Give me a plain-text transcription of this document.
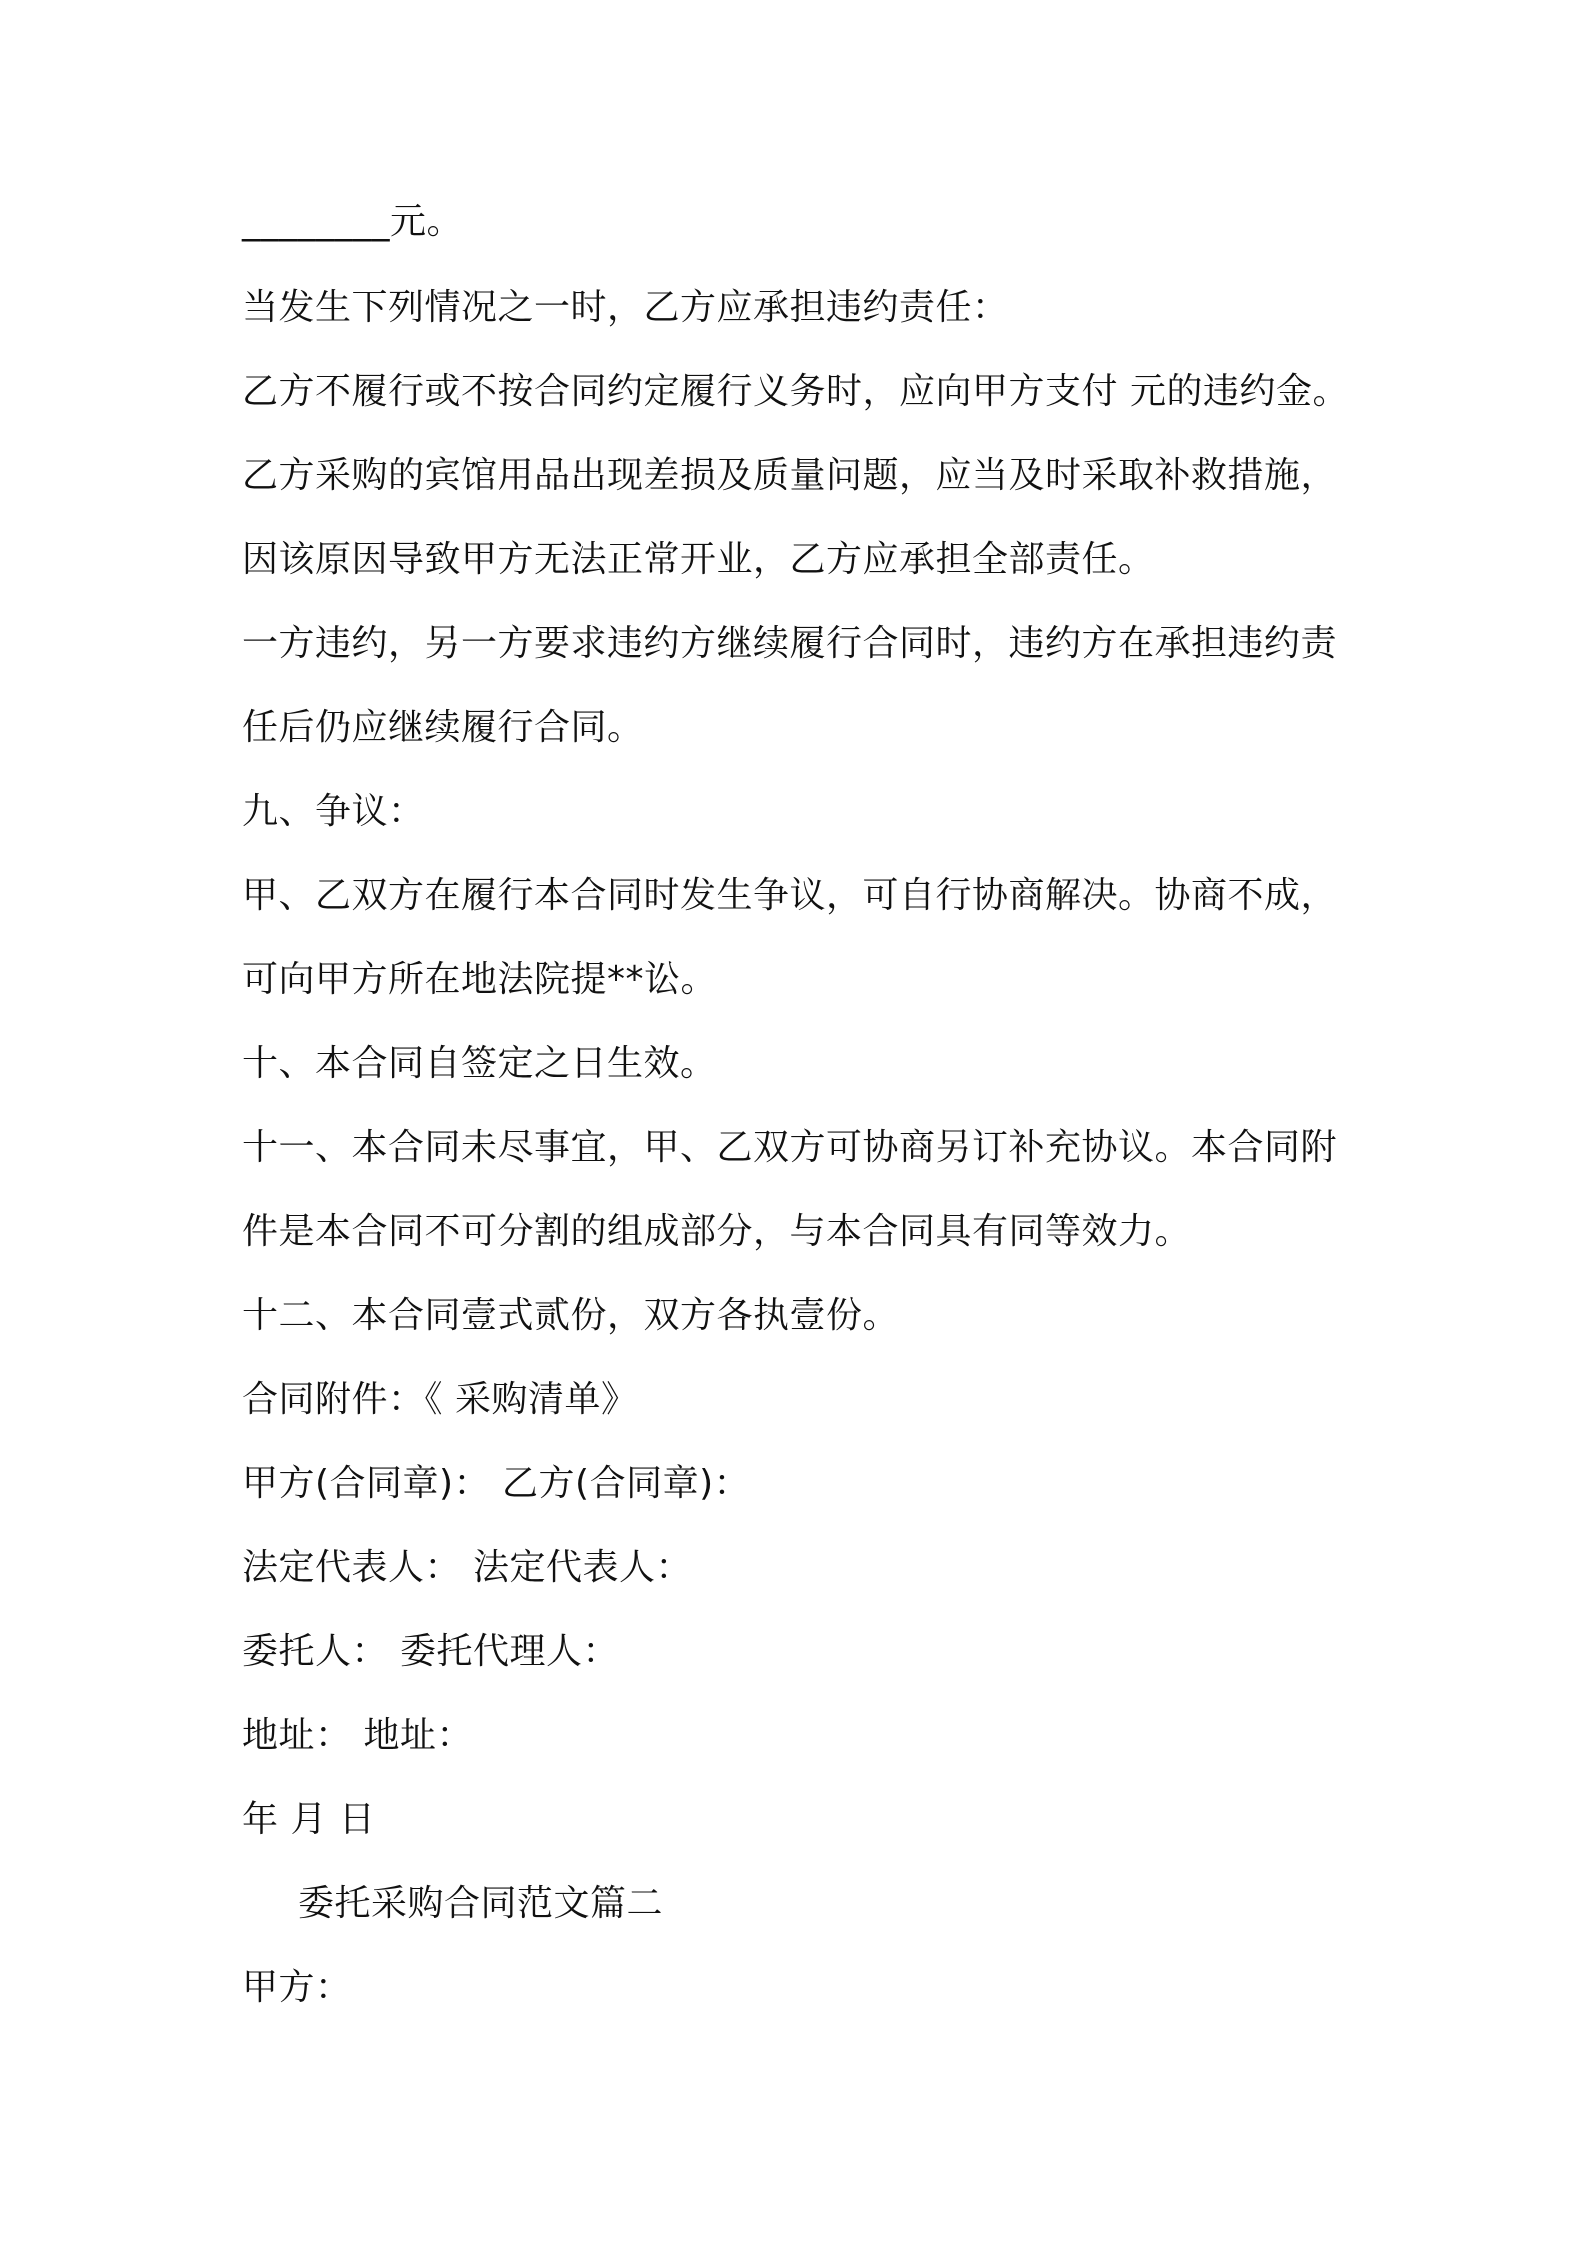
________元。
当发生下列情况之一时，乙方应承担违约责任：
乙方不履行或不按合同约定履行义务时，应向甲方支付 元的违约金。
乙方采购的宾馆用品出现差损及质量问题，应当及时采取补救措施，
因该原因导致甲方无法正常开业，乙方应承担全部责任。
一方违约，另一方要求违约方继续履行合同时，违约方在承担违约责
任后仍应继续履行合同。
九、争议：
甲、乙双方在履行本合同时发生争议，可自行协商解决。协商不成，
可向甲方所在地法院提**讼。
十、本合同自签定之日生效。
十一、本合同未尽事宜，甲、乙双方可协商另订补充协议。本合同附
件是本合同不可分割的组成部分，与本合同具有同等效力。
十二、本合同壹式贰份，双方各执壹份。
合同附件：《 采购清单》
甲方(合同章)： 乙方(合同章)：
法定代表人： 法定代表人：
委托人： 委托代理人：
地址： 地址：
年 月 日
委托采购合同范文篇二
甲方：
